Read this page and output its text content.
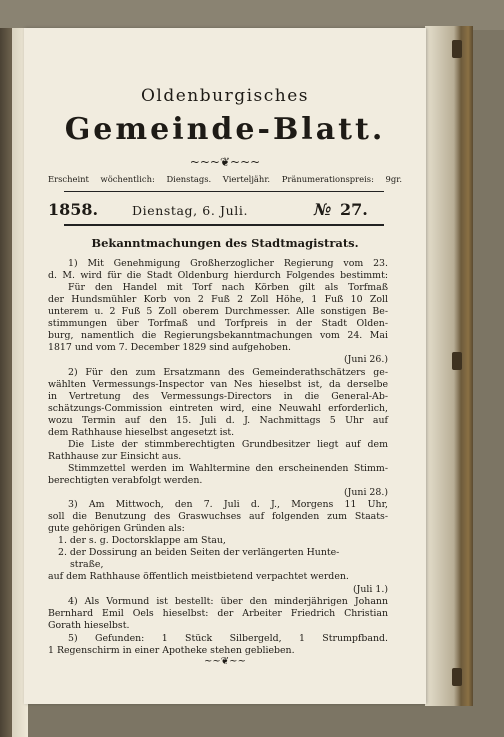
Oldenburgisches
Gemeinde-Blatt.
~~~❦~~~
Erscheint wöchentlich: Dienstags. Vierteljähr. Pränumerationspreis: 9gr.
1858.	Dienstag, 6. Juli.	№ 27.
Bekanntmachungen des Stadtmagistrats.
1) Mit Genehmigung Großherzoglicher Regierung vom 23.
d. M. wird für die Stadt Oldenburg hierdurch Folgendes bestimmt:
Für den Handel mit Torf nach Körben gilt als Torfmaß
der Hundsmühler Korb von 2 Fuß 2 Zoll Höhe, 1 Fuß 10 Zoll
unterem u. 2 Fuß 5 Zoll oberem Durchmesser. Alle sonstigen Be-
stimmungen über Torfmaß und Torfpreis in der Stadt Olden-
burg, namentlich die Regierungsbekanntmachungen vom 24. Mai
1817 und vom 7. December 1829 sind aufgehoben.
(Juni 26.)
2) Für den zum Ersatzmann des Gemeinderathschätzers ge-
wählten Vermessungs-Inspector van Nes hieselbst ist, da derselbe
in Vertretung des Vermessungs-Directors in die General-Ab-
schätzungs-Commission eintreten wird, eine Neuwahl erforderlich,
wozu Termin auf den 15. Juli d. J. Nachmittags 5 Uhr auf
dem Rathhause hieselbst angesetzt ist.
Die Liste der stimmberechtigten Grundbesitzer liegt auf dem
Rathhause zur Einsicht aus.
Stimmzettel werden im Wahltermine den erscheinenden Stimm-
berechtigten verabfolgt werden.
(Juni 28.)
3) Am Mittwoch, den 7. Juli d. J., Morgens 11 Uhr,
soll die Benutzung des Graswuchses auf folgenden zum Staats-
gute gehörigen Gründen als:
1. der s. g. Doctorsklappe am Stau,
2. der Dossirung an beiden Seiten der verlängerten Hunte-
straße,
auf dem Rathhause öffentlich meistbietend verpachtet werden.
(Juli 1.)
4) Als Vormund ist bestellt: über den minderjährigen Johann
Bernhard Emil Oels hieselbst: der Arbeiter Friedrich Christian
Gorath hieselbst.
5) Gefunden: 1 Stück Silbergeld, 1 Strumpfband.
1 Regenschirm in einer Apotheke stehen geblieben.
~~❦~~
